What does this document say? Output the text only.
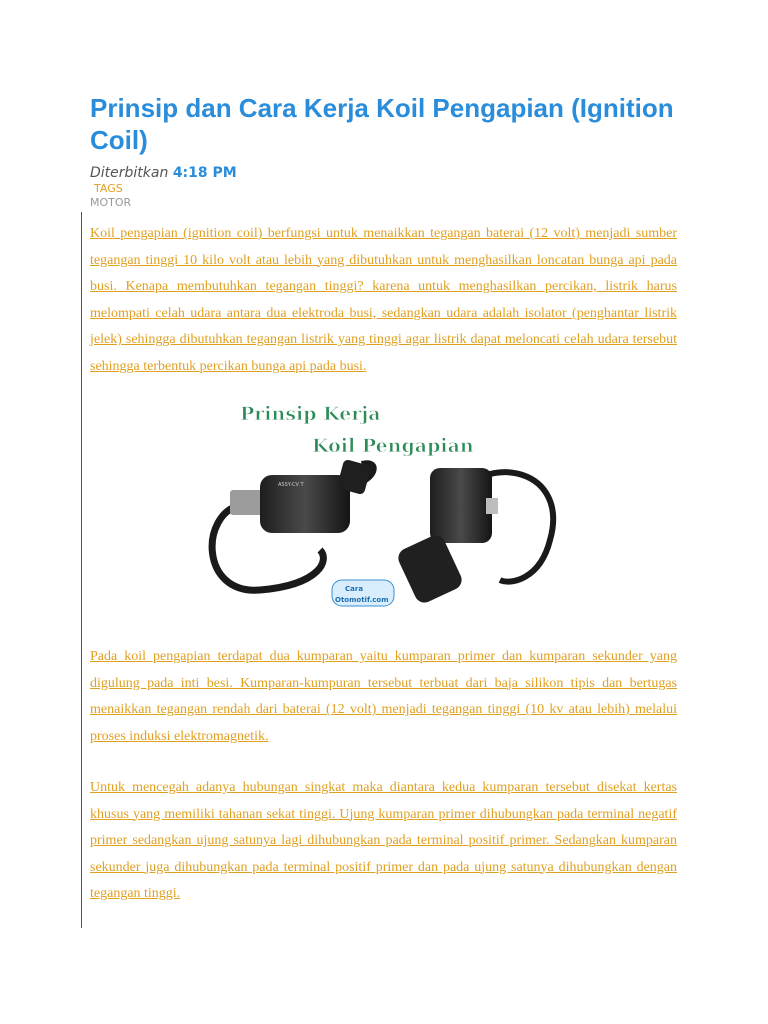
Prinsip dan Cara Kerja Koil Pengapian (Ignition Coil)
Diterbitkan 4:18 PM
TAGS
MOTOR

Koil pengapian (ignition coil) berfungsi untuk menaikkan tegangan baterai (12 volt) menjadi sumber tegangan tinggi 10 kilo volt atau lebih yang dibutuhkan untuk menghasilkan loncatan bunga api pada busi. Kenapa membutuhkan tegangan tinggi? karena untuk menghasilkan percikan, listrik harus melompati celah udara antara dua elektroda busi, sedangkan udara adalah isolator (penghantar listrik jelek) sehingga dibutuhkan tegangan listrik yang tinggi agar listrik dapat meloncati celah udara tersebut sehingga terbentuk percikan bunga api pada busi.

Prinsip Kerja
Koil Pengapian
ASSY-CV T
Cara
Otomotif.com

Pada koil pengapian terdapat dua kumparan yaitu kumparan primer dan kumparan sekunder yang digulung pada inti besi. Kumparan-kumpuran tersebut terbuat dari baja silikon tipis dan bertugas menaikkan tegangan rendah dari baterai (12 volt) menjadi tegangan tinggi (10 kv atau lebih) melalui proses induksi elektromagnetik.

Untuk mencegah adanya hubungan singkat maka diantara kedua kumparan tersebut disekat kertas khusus yang memiliki tahanan sekat tinggi. Ujung kumparan primer dihubungkan pada terminal negatif primer sedangkan ujung satunya lagi dihubungkan pada terminal positif primer. Sedangkan kumparan sekunder juga dihubungkan pada terminal positif primer dan pada ujung satunya dihubungkan dengan tegangan tinggi.
